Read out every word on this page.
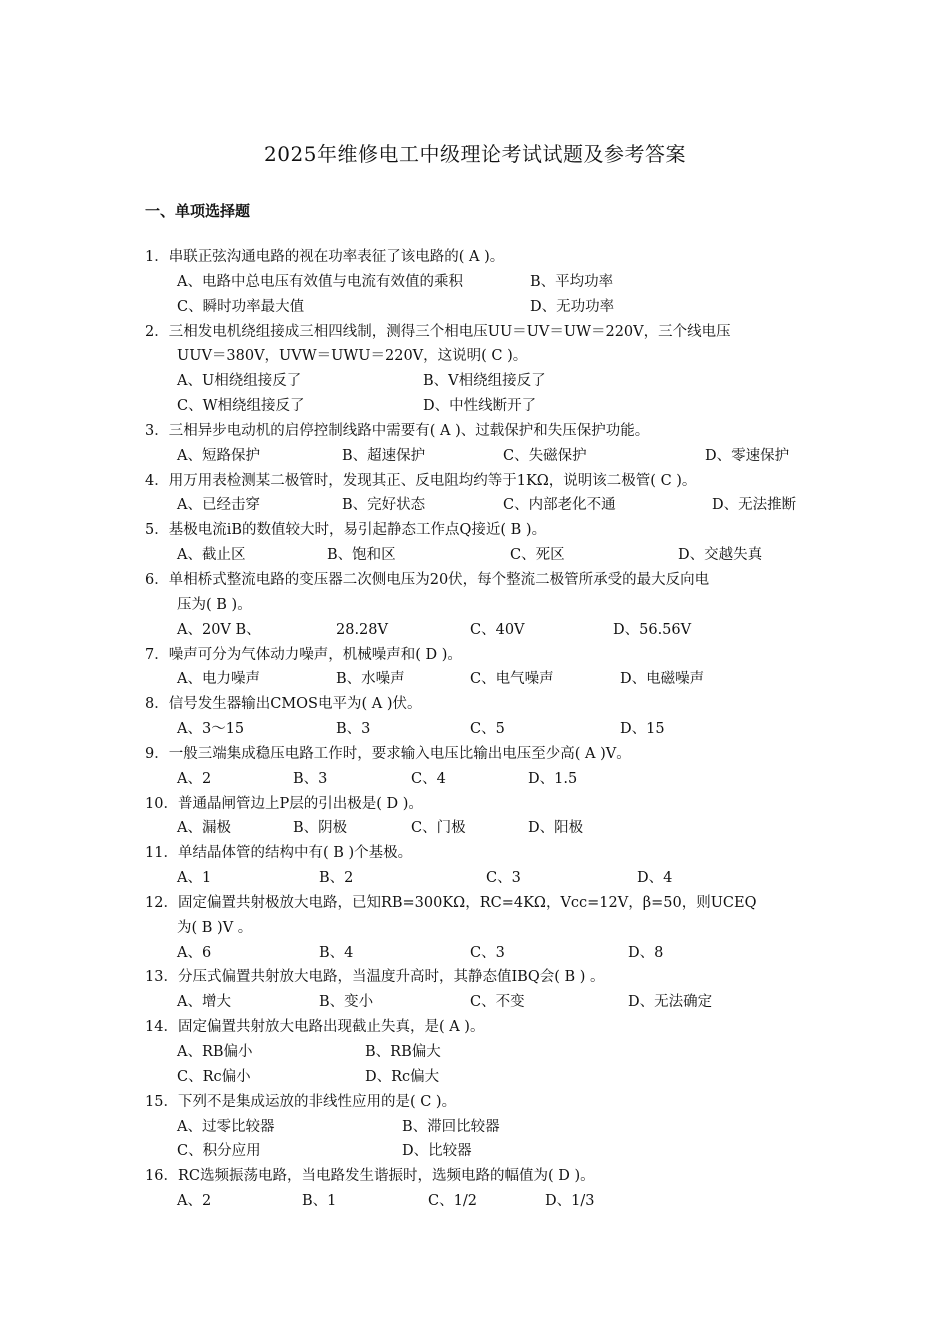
2025年维修电工中级理论考试试题及参考答案
一、单项选择题
1．串联正弦沟通电路的视在功率表征了该电路的( A )。
A、电路中总电压有效值与电流有效值的乘积	B、平均功率
C、瞬时功率最大值	D、无功功率
2．三相发电机绕组接成三相四线制，测得三个相电压UU＝UV＝UW＝220V，三个线电压
UUV＝380V，UVW＝UWU＝220V，这说明( C )。
A、U相绕组接反了	B、V相绕组接反了
C、W相绕组接反了	D、中性线断开了
3．三相异步电动机的启停控制线路中需要有( A )、过载保护和失压保护功能。
A、短路保护	B、超速保护	C、失磁保护	D、零速保护
4．用万用表检测某二极管时，发现其正、反电阻均约等于1KΩ，说明该二极管( C )。
A、已经击穿	B、完好状态	C、内部老化不通	D、无法推断
5．基极电流iB的数值较大时，易引起静态工作点Q接近( B )。
A、截止区	B、饱和区	C、死区	D、交越失真
6．单相桥式整流电路的变压器二次侧电压为20伏，每个整流二极管所承受的最大反向电
压为( B )。
A、20V B、	28.28V	C、40V	D、56.56V
7．噪声可分为气体动力噪声，机械噪声和( D )。
A、电力噪声	B、水噪声	C、电气噪声	D、电磁噪声
8．信号发生器输出CMOS电平为( A )伏。
A、3～15	B、3	C、5	D、15
9．一般三端集成稳压电路工作时，要求输入电压比输出电压至少高( A )V。
A、2	B、3	C、4	D、1.5
10．普通晶闸管边上P层的引出极是( D )。
A、漏极	B、阴极	C、门极	D、阳极
11．单结晶体管的结构中有( B )个基极。
A、1	B、2	C、3	D、4
12．固定偏置共射极放大电路，已知RB=300KΩ，RC=4KΩ，Vcc=12V，β=50，则UCEQ
为( B )V 。
A、6	B、4	C、3	D、8
13．分压式偏置共射放大电路，当温度升高时，其静态值IBQ会( B ) 。
A、增大	B、变小	C、不变	D、无法确定
14．固定偏置共射放大电路出现截止失真，是( A )。
A、RB偏小	B、RB偏大
C、Rc偏小	D、Rc偏大
15．下列不是集成运放的非线性应用的是( C )。
A、过零比较器	B、滞回比较器
C、积分应用	D、比较器
16．RC选频振荡电路，当电路发生谐振时，选频电路的幅值为( D )。
A、2	B、1	C、1/2	D、1/3
